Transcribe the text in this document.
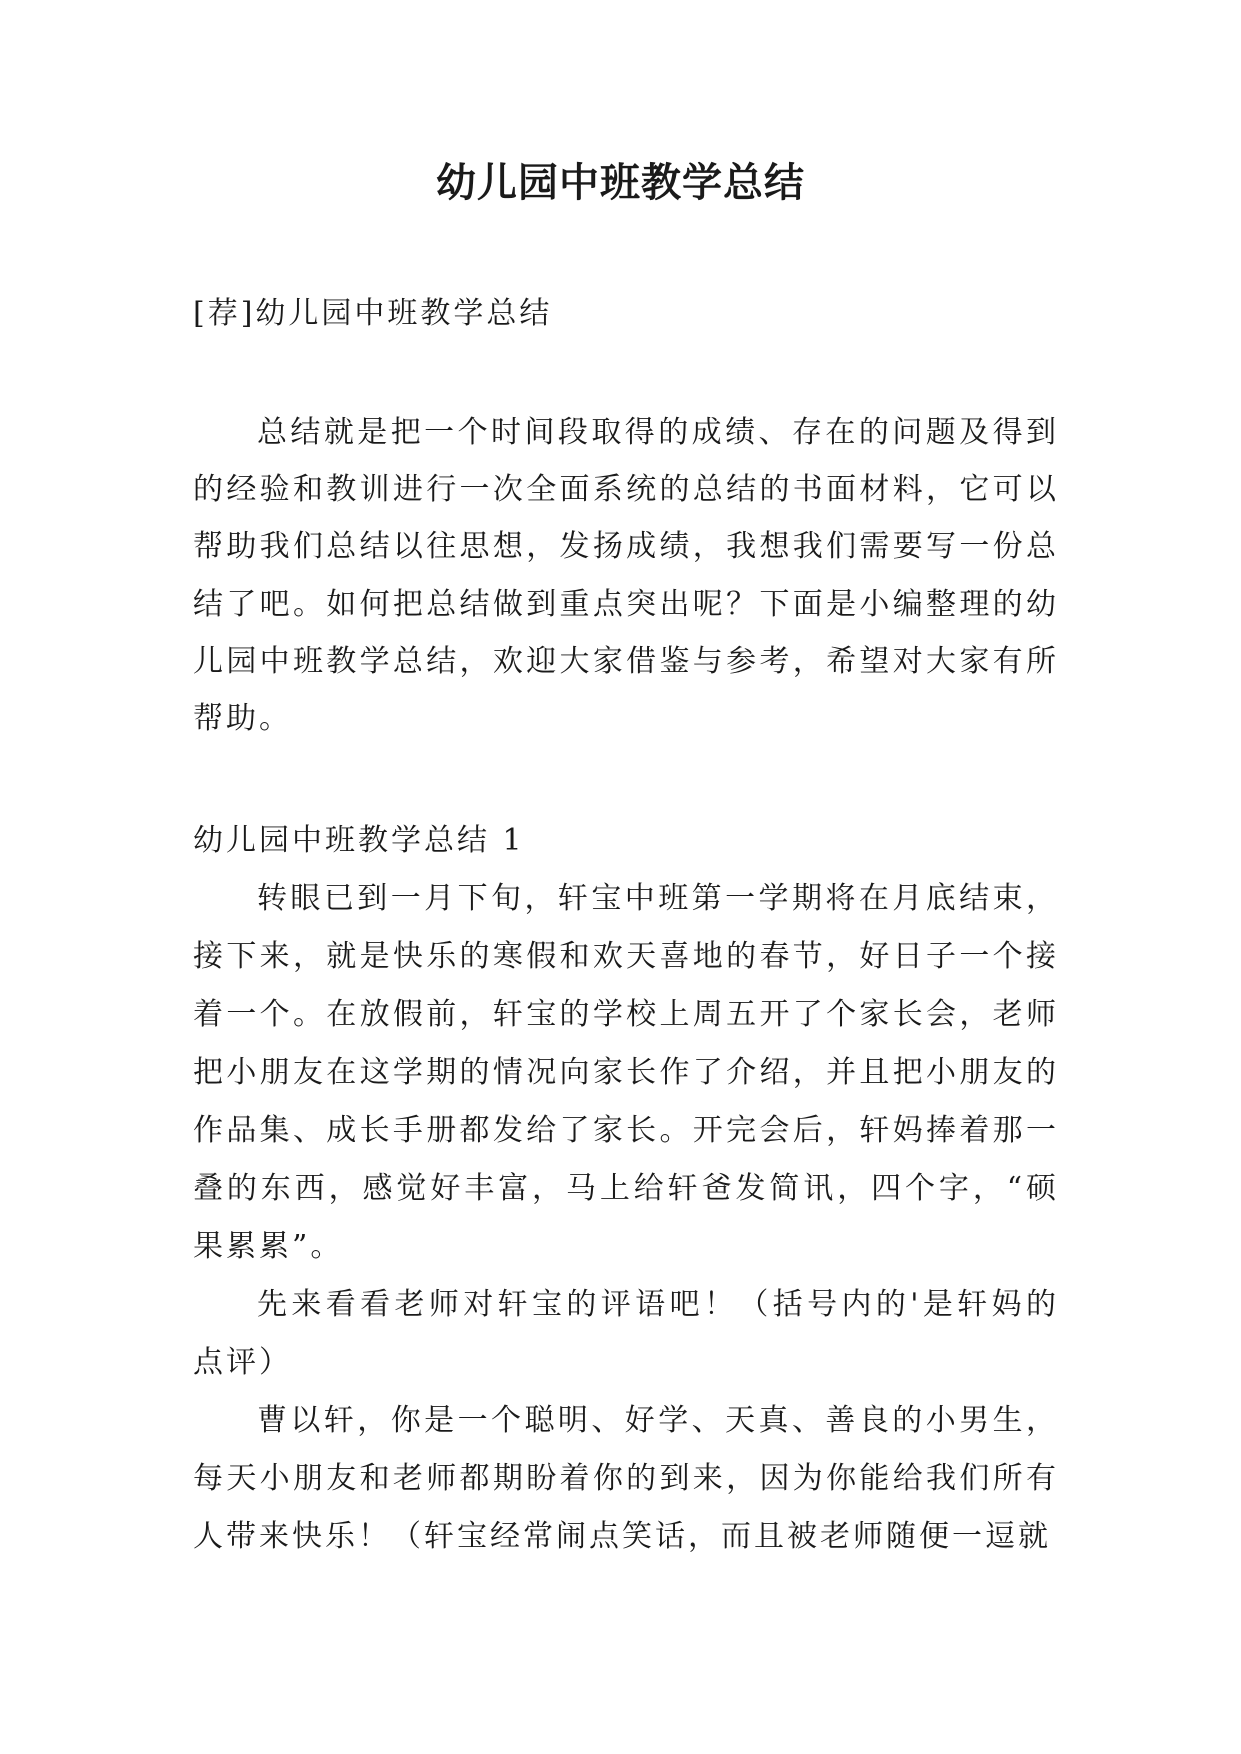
幼儿园中班教学总结
[荐]幼儿园中班教学总结

总结就是把一个时间段取得的成绩、存在的问题及得到的经验和教训进行一次全面系统的总结的书面材料，它可以帮助我们总结以往思想，发扬成绩，我想我们需要写一份总结了吧。如何把总结做到重点突出呢？下面是小编整理的幼儿园中班教学总结，欢迎大家借鉴与参考，希望对大家有所帮助。

幼儿园中班教学总结 1

转眼已到一月下旬，轩宝中班第一学期将在月底结束，接下来，就是快乐的寒假和欢天喜地的春节，好日子一个接着一个。在放假前，轩宝的学校上周五开了个家长会，老师把小朋友在这学期的情况向家长作了介绍，并且把小朋友的作品集、成长手册都发给了家长。开完会后，轩妈捧着那一叠的东西，感觉好丰富，马上给轩爸发简讯，四个字，“硕果累累”。

先来看看老师对轩宝的评语吧！（括号内的'是轩妈的点评）

曹以轩，你是一个聪明、好学、天真、善良的小男生，每天小朋友和老师都期盼着你的到来，因为你能给我们所有人带来快乐！（轩宝经常闹点笑话，而且被老师随便一逗就
